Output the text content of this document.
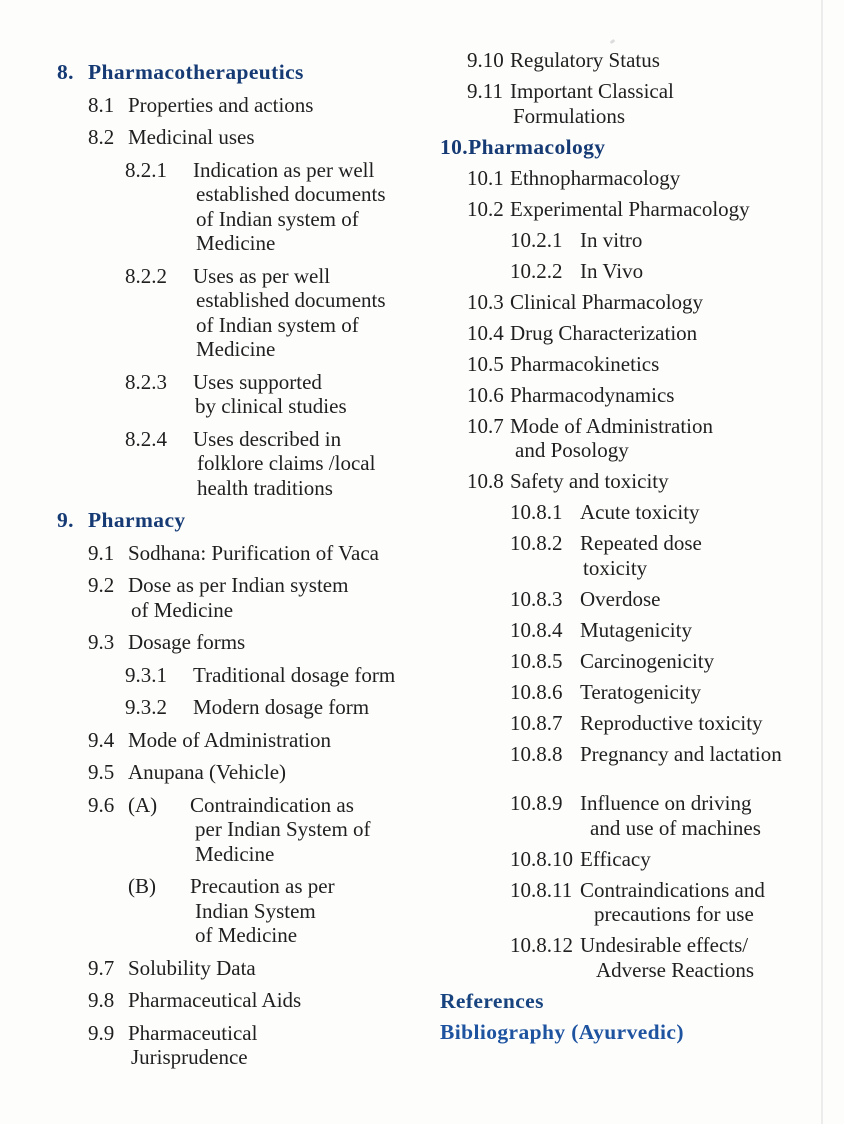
8. Pharmacotherapeutics
8.1 Properties and actions
8.2 Medicinal uses
8.2.1	Indication as per well
established documents
of Indian system of
Medicine
8.2.2	Uses as per well
established documents
of Indian system of
Medicine
8.2.3	Uses supported
by clinical studies
8.2.4	Uses described in
folklore claims /local
health traditions
9. Pharmacy
9.1 Sodhana: Purification of Vaca
9.2 Dose as per Indian system
of Medicine
9.3 Dosage forms
9.3.1	Traditional dosage form
9.3.2	Modern dosage form
9.4 Mode of Administration
9.5 Anupana (Vehicle)
9.6 (A)	Contraindication as
per Indian System of
Medicine
(B)	Precaution as per
Indian System
of Medicine
9.7 Solubility Data
9.8 Pharmaceutical Aids
9.9 Pharmaceutical
Jurisprudence
9.10 Regulatory Status
9.11 Important Classical
Formulations
10. Pharmacology
10.1 Ethnopharmacology
10.2 Experimental Pharmacology
10.2.1 In vitro
10.2.2 In Vivo
10.3 Clinical Pharmacology
10.4 Drug Characterization
10.5 Pharmacokinetics
10.6 Pharmacodynamics
10.7 Mode of Administration
and Posology
10.8 Safety and toxicity
10.8.1 Acute toxicity
10.8.2 Repeated dose
toxicity
10.8.3 Overdose
10.8.4 Mutagenicity
10.8.5 Carcinogenicity
10.8.6 Teratogenicity
10.8.7 Reproductive toxicity
10.8.8 Pregnancy and lactation
10.8.9 Influence on driving
and use of machines
10.8.10 Efficacy
10.8.11 Contraindications and
precautions for use
10.8.12 Undesirable effects/
Adverse Reactions
References
Bibliography (Ayurvedic)
